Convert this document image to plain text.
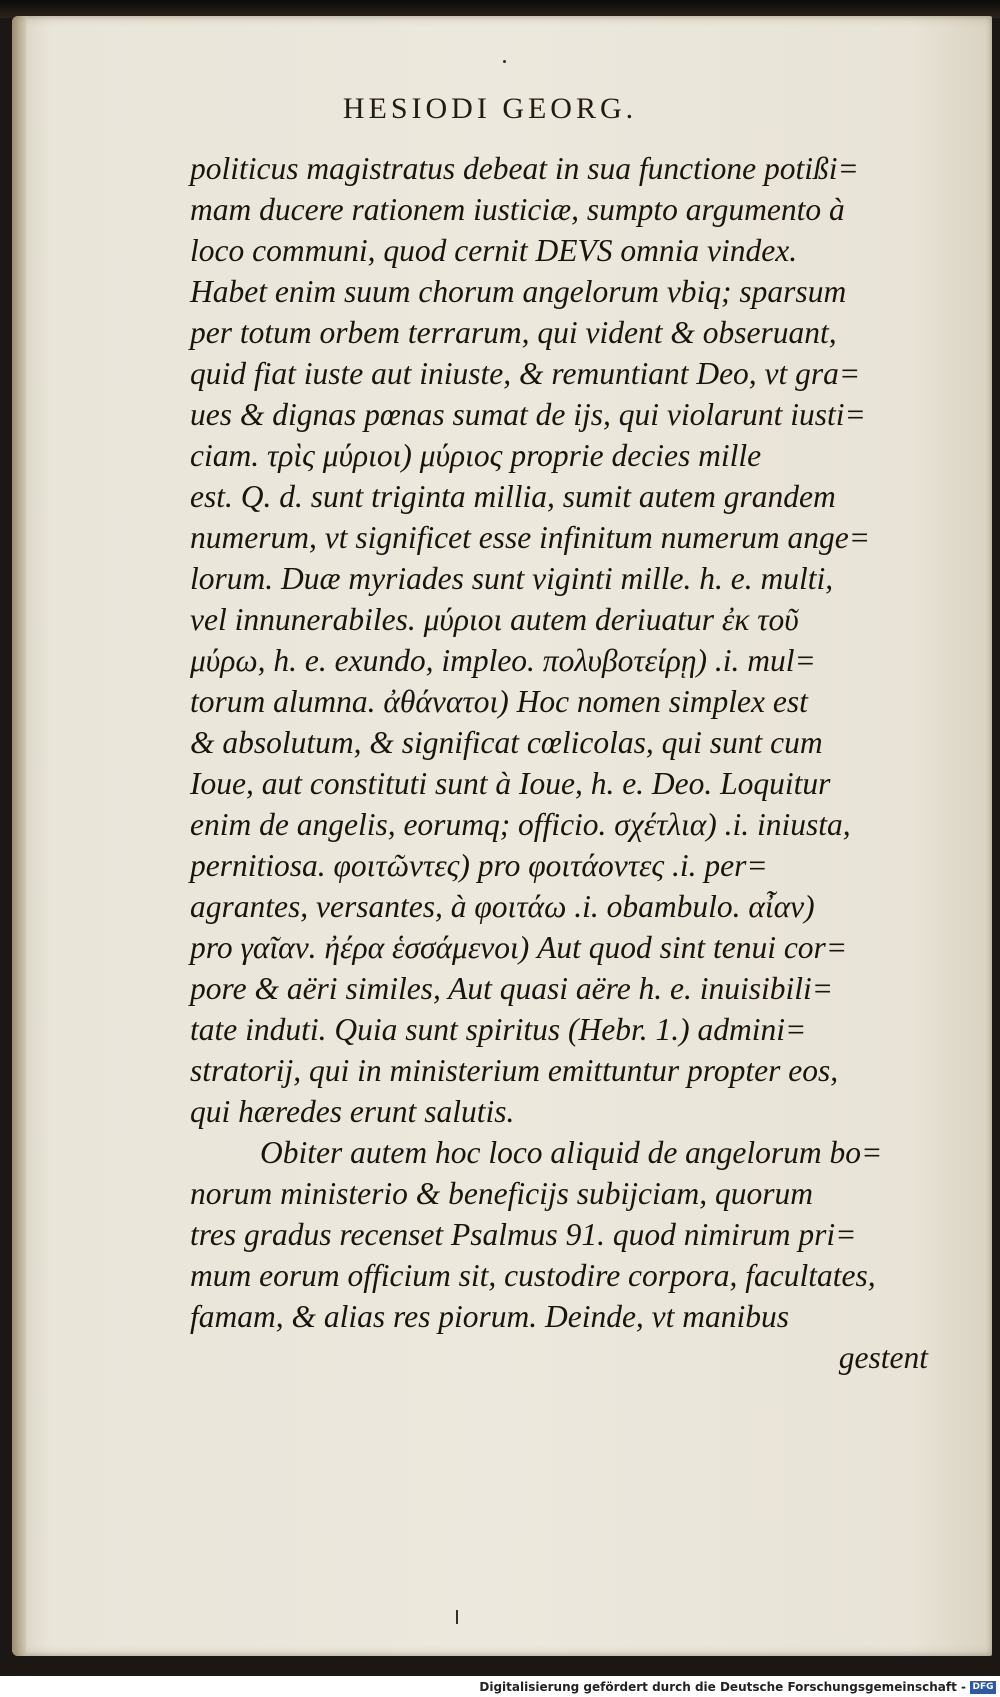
HESIODI GEORG.
politicus magistratus debeat in sua functione potißi=
mam ducere rationem iusticiæ, sumpto argumento à
loco communi, quod cernit DEVS omnia vindex.
Habet enim suum chorum angelorum vbiq; sparsum
per totum orbem terrarum, qui vident & obseruant,
quid fiat iuste aut iniuste, & remuntiant Deo, vt gra=
ues & dignas pœnas sumat de ijs, qui violarunt iusti=
ciam. τρὶς μύριοι) μύριος proprie decies mille
est. Q. d. sunt triginta millia, sumit autem grandem
numerum, vt significet esse infinitum numerum ange=
lorum. Duæ myriades sunt viginti mille. h. e. multi,
vel innunerabiles. μύριοι autem deriuatur ἐκ τοῦ
μύρω, h. e. exundo, impleo. πολυβοτείρῃ) .i. mul=
torum alumna. ἀθάνατοι) Hoc nomen simplex est
& absolutum, & significat cœlicolas, qui sunt cum
Ioue, aut constituti sunt à Ioue, h. e. Deo. Loquitur
enim de angelis, eorumq; officio. σχέτλια) .i. iniusta,
pernitiosa. φοιτῶντες) pro φοιτάοντες .i. per=
agrantes, versantes, à φοιτάω .i. obambulo. αἶαν)
pro γαῖαν. ἠέρα ἑσσάμενοι) Aut quod sint tenui cor=
pore & aëri similes, Aut quasi aëre h. e. inuisibili=
tate induti. Quia sunt spiritus (Hebr. 1.) admini=
stratorij, qui in ministerium emittuntur propter eos,
qui hæredes erunt salutis.
Obiter autem hoc loco aliquid de angelorum bo=
norum ministerio & beneficijs subijciam, quorum
tres gradus recenset Psalmus 91. quod nimirum pri=
mum eorum officium sit, custodire corpora, facultates,
famam, & alias res piorum. Deinde, vt manibus
gestent
Digitalisierung gefördert durch die Deutsche Forschungsgemeinschaft - DFG
